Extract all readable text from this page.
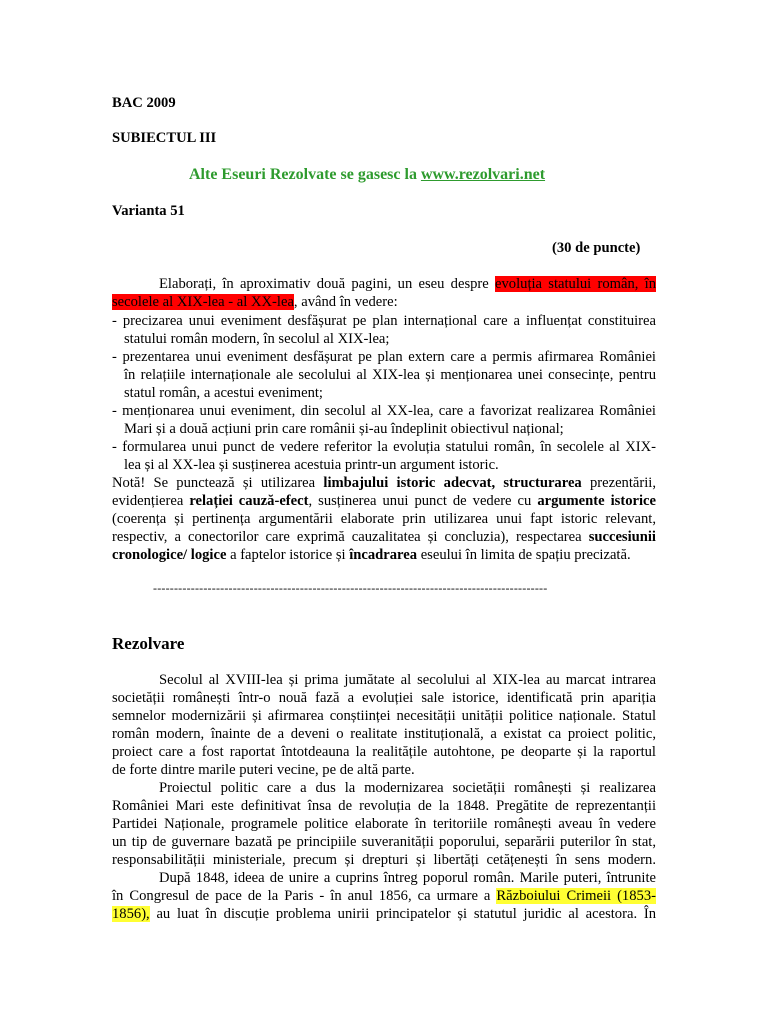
BAC 2009
SUBIECTUL III
Alte Eseuri Rezolvate se gasesc la www.rezolvari.net
Varianta 51
(30 de puncte)
Elaborați, în aproximativ două pagini, un eseu despre evoluția statului român, în
secolele al XIX-lea - al XX-lea, având în vedere:
- precizarea unui eveniment desfășurat pe plan internațional care a influențat constituirea
statului român modern, în secolul al XIX-lea;
- prezentarea unui eveniment desfășurat pe plan extern care a permis afirmarea României
în relațiile internaționale ale secolului al XIX-lea și menționarea unei consecințe, pentru
statul român, a acestui eveniment;
- menționarea unui eveniment, din secolul al XX-lea, care a favorizat realizarea României
Mari și a două acțiuni prin care românii și-au îndeplinit obiectivul național;
- formularea unui punct de vedere referitor la evoluția statului român, în secolele al XIX-
lea și al XX-lea și susținerea acestuia printr-un argument istoric.
Notă! Se punctează și utilizarea limbajului istoric adecvat, structurarea prezentării,
evidențierea relației cauză-efect, susținerea unui punct de vedere cu argumente istorice
(coerența și pertinența argumentării elaborate prin utilizarea unui fapt istoric relevant,
respectiv, a conectorilor care exprimă cauzalitatea și concluzia), respectarea succesiunii
cronologice/ logice a faptelor istorice și încadrarea eseului în limita de spațiu precizată.
----------------------------------------------------------------------------------------------
Rezolvare
Secolul al XVIII-lea și prima jumătate al secolului al XIX-lea au marcat intrarea
societății românești într-o nouă fază a evoluției sale istorice, identificată prin apariția
semnelor modernizării și afirmarea conștiinței necesității unității politice naționale. Statul
român modern, înainte de a deveni o realitate instituțională, a existat ca proiect politic,
proiect care a fost raportat întotdeauna la realitățile autohtone, pe deoparte și la raportul
de forte dintre marile puteri vecine, pe de altă parte.
Proiectul politic care a dus la modernizarea societății românești și realizarea
României Mari este definitivat însa de revoluția de la 1848. Pregătite de reprezentanții
Partidei Naționale, programele politice elaborate în teritoriile românești aveau în vedere
un tip de guvernare bazată pe principiile suveranității poporului, separării puterilor în stat,
responsabilității ministeriale, precum și drepturi și libertăți cetățenești în sens modern.
După 1848, ideea de unire a cuprins întreg poporul român. Marile puteri, întrunite
în Congresul de pace de la Paris - în anul 1856, ca urmare a Războiului Crimeii (1853-
1856), au luat în discuție problema unirii principatelor și statutul juridic al acestora. În
